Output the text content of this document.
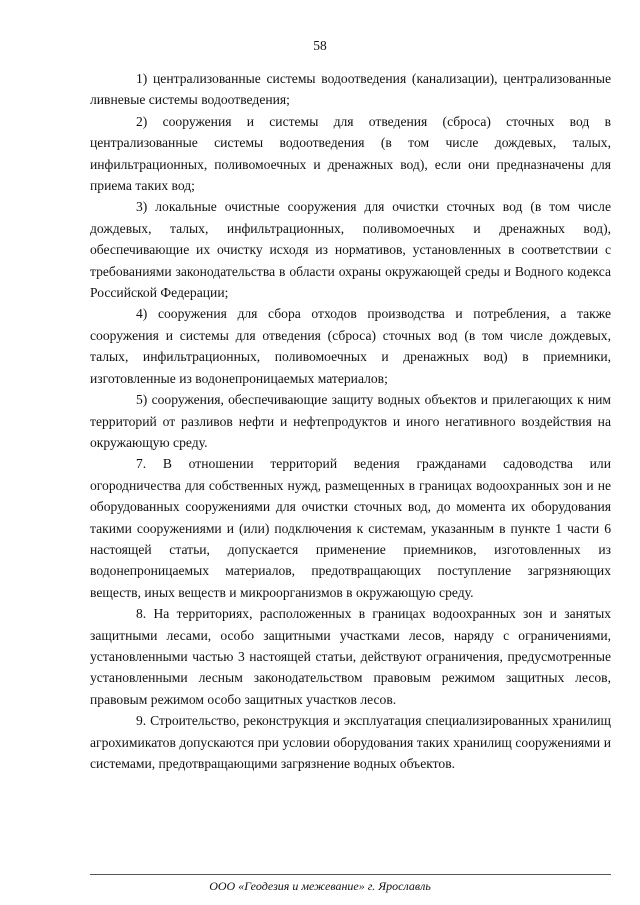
58

1) централизованные системы водоотведения (канализации), централизованные ливневые системы водоотведения;

2) сооружения и системы для отведения (сброса) сточных вод в централизованные системы водоотведения (в том числе дождевых, талых, инфильтрационных, поливомоечных и дренажных вод), если они предназначены для приема таких вод;

3) локальные очистные сооружения для очистки сточных вод (в том числе дождевых, талых, инфильтрационных, поливомоечных и дренажных вод), обеспечивающие их очистку исходя из нормативов, установленных в соответствии с требованиями законодательства в области охраны окружающей среды и Водного кодекса Российской Федерации;

4) сооружения для сбора отходов производства и потребления, а также сооружения и системы для отведения (сброса) сточных вод (в том числе дождевых, талых, инфильтрационных, поливомоечных и дренажных вод) в приемники, изготовленные из водонепроницаемых материалов;

5) сооружения, обеспечивающие защиту водных объектов и прилегающих к ним территорий от разливов нефти и нефтепродуктов и иного негативного воздействия на окружающую среду.

7. В отношении территорий ведения гражданами садоводства или огородничества для собственных нужд, размещенных в границах водоохранных зон и не оборудованных сооружениями для очистки сточных вод, до момента их оборудования такими сооружениями и (или) подключения к системам, указанным в пункте 1 части 6 настоящей статьи, допускается применение приемников, изготовленных из водонепроницаемых материалов, предотвращающих поступление загрязняющих веществ, иных веществ и микроорганизмов в окружающую среду.

8. На территориях, расположенных в границах водоохранных зон и занятых защитными лесами, особо защитными участками лесов, наряду с ограничениями, установленными частью 3 настоящей статьи, действуют ограничения, предусмотренные установленными лесным законодательством правовым режимом защитных лесов, правовым режимом особо защитных участков лесов.

9. Строительство, реконструкция и эксплуатация специализированных хранилищ агрохимикатов допускаются при условии оборудования таких хранилищ сооружениями и системами, предотвращающими загрязнение водных объектов.

ООО «Геодезия и межевание» г. Ярославль
